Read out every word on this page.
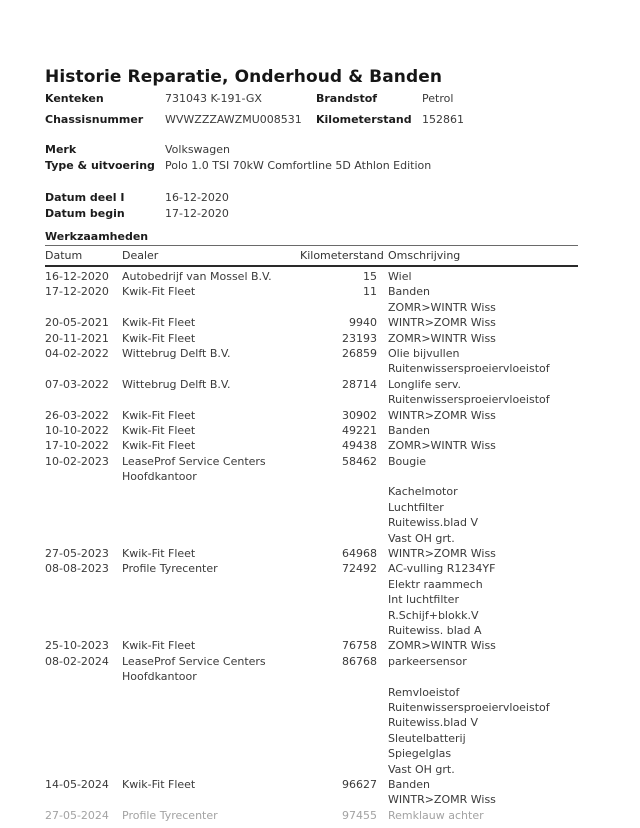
Historie Reparatie, Onderhoud & Banden
Kenteken	731043 K-191-GX	Brandstof	Petrol
Chassisnummer WVWZZZAWZMU008531 Kilometerstand 152861
Merk	Volkswagen
Type & uitvoering Polo 1.0 TSI 70kW Comfortline 5D Athlon Edition
Datum deel I	16-12-2020
Datum begin	17-12-2020
Werkzaamheden
Datum	Dealer	Kilometerstand Omschrijving
16-12-2020	Autobedrijf van Mossel B.V.	15 Wiel
17-12-2020	Kwik-Fit Fleet	11 Banden
ZOMR>WINTR Wiss
20-05-2021	Kwik-Fit Fleet	9940 WINTR>ZOMR Wiss
20-11-2021	Kwik-Fit Fleet	23193 ZOMR>WINTR Wiss
04-02-2022	Wittebrug Delft B.V.	26859 Olie bijvullen
Ruitenwissersproeiervloeistof
07-03-2022	Wittebrug Delft B.V.	28714 Longlife serv.
Ruitenwissersproeiervloeistof
26-03-2022	Kwik-Fit Fleet	30902 WINTR>ZOMR Wiss
10-10-2022	Kwik-Fit Fleet	49221 Banden
17-10-2022	Kwik-Fit Fleet	49438 ZOMR>WINTR Wiss
10-02-2023	LeaseProf Service Centers
Hoofdkantoor
58462 Bougie
Kachelmotor
Luchtfilter
Ruitewiss.blad V
Vast OH grt.
27-05-2023	Kwik-Fit Fleet	64968 WINTR>ZOMR Wiss
08-08-2023	Profile Tyrecenter	72492 AC-vulling R1234YF
Elektr raammech
Int luchtfilter
R.Schijf+blokk.V
Ruitewiss. blad A
25-10-2023	Kwik-Fit Fleet	76758 ZOMR>WINTR Wiss
08-02-2024	LeaseProf Service Centers
Hoofdkantoor
86768 parkeersensor
Remvloeistof
Ruitenwissersproeiervloeistof
Ruitewiss.blad V
Sleutelbatterij
Spiegelglas
Vast OH grt.
14-05-2024	Kwik-Fit Fleet	96627 Banden
WINTR>ZOMR Wiss
27-05-2024	Profile Tyrecenter	97455 Remklauw achter
